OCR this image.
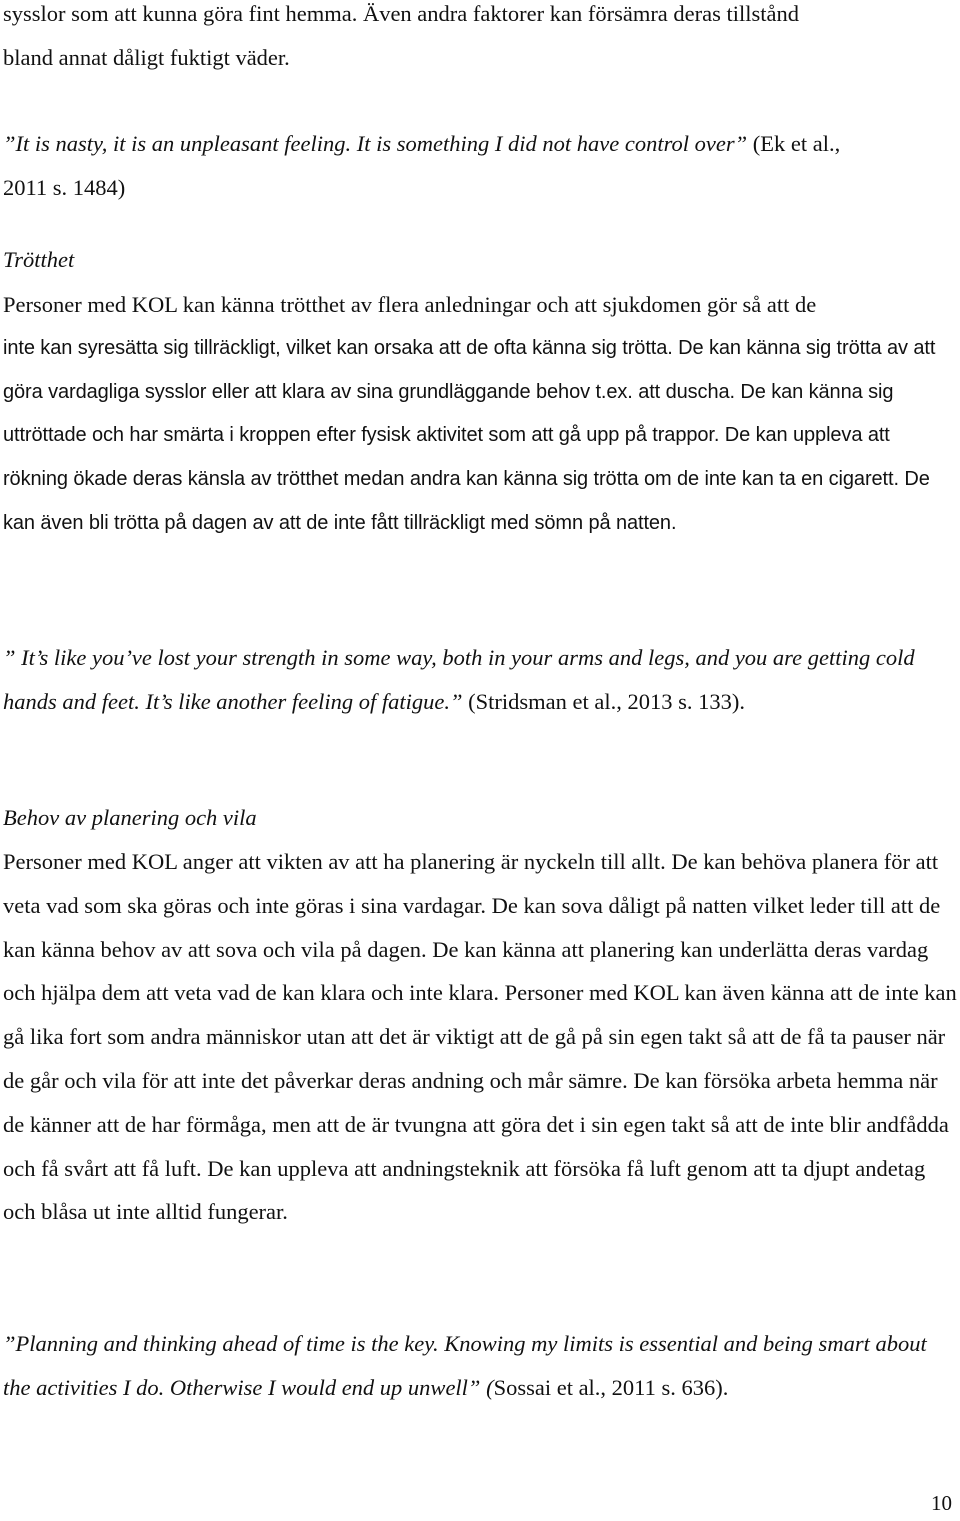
sysslor som att kunna göra fint hemma. Även andra faktorer kan försämra deras tillstånd
bland annat dåligt fuktigt väder.

”It is nasty, it is an unpleasant feeling. It is something I did not have control over” (Ek et al.,
2011 s. 1484)

Trötthet

Personer med KOL kan känna trötthet av flera anledningar och att sjukdomen gör så att de
inte kan syresätta sig tillräckligt, vilket kan orsaka att de ofta känna sig trötta. De kan känna sig trötta av att göra vardagliga sysslor eller att klara av sina grundläggande behov t.ex. att duscha. De kan känna sig uttröttade och har smärta i kroppen efter fysisk aktivitet som att gå upp på trappor. De kan uppleva att rökning ökade deras känsla av trötthet medan andra kan känna sig trötta om de inte kan ta en cigarett. De kan även bli trötta på dagen av att de inte fått tillräckligt med sömn på natten.

” It’s like you’ve lost your strength in some way, both in your arms and legs, and you are getting cold hands and feet. It’s like another feeling of fatigue.” (Stridsman et al., 2013 s. 133).

Behov av planering och vila

Personer med KOL anger att vikten av att ha planering är nyckeln till allt. De kan behöva planera för att veta vad som ska göras och inte göras i sina vardagar. De kan sova dåligt på natten vilket leder till att de kan känna behov av att sova och vila på dagen. De kan känna att planering kan underlätta deras vardag och hjälpa dem att veta vad de kan klara och inte klara. Personer med KOL kan även känna att de inte kan gå lika fort som andra människor utan att det är viktigt att de gå på sin egen takt så att de få ta pauser när de går och vila för att inte det påverkar deras andning och mår sämre. De kan försöka arbeta hemma när de känner att de har förmåga, men att de är tvungna att göra det i sin egen takt så att de inte blir andfådda och få svårt att få luft. De kan uppleva att andningsteknik att försöka få luft genom att ta djupt andetag och blåsa ut inte alltid fungerar.

”Planning and thinking ahead of time is the key. Knowing my limits is essential and being smart about the activities I do. Otherwise I would end up unwell” (Sossai et al., 2011 s. 636).

10
